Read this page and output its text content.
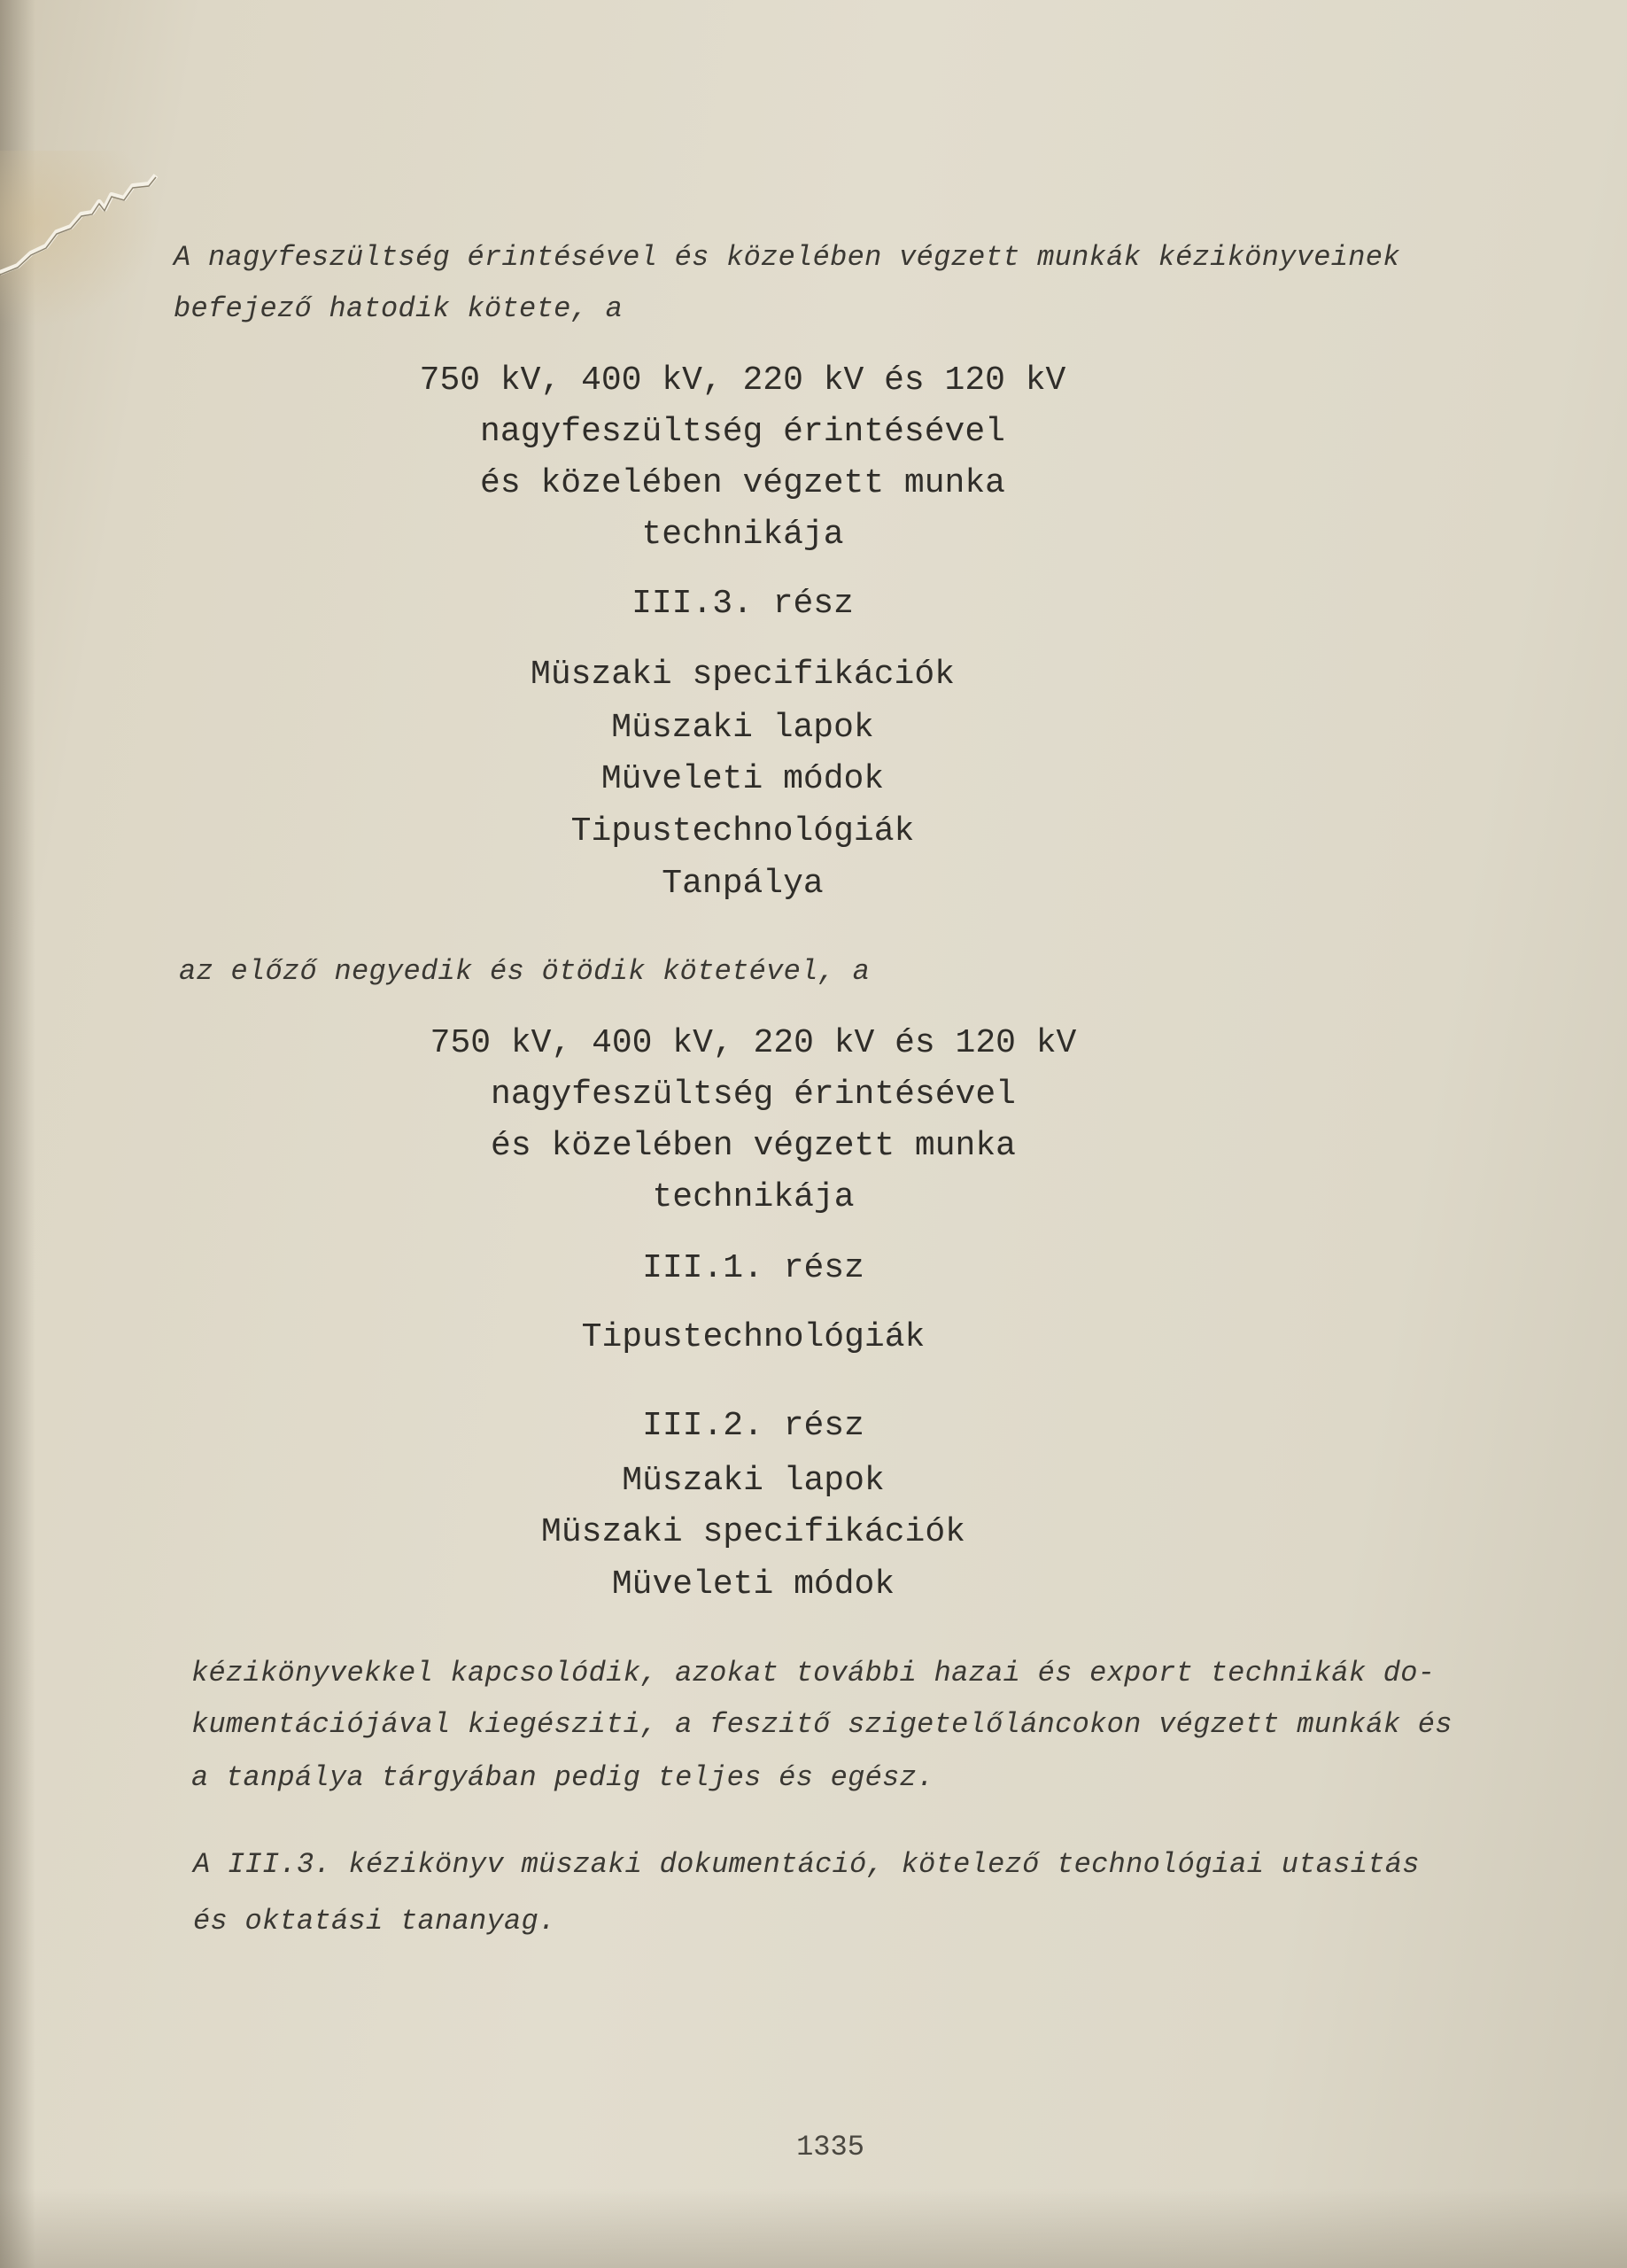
A nagyfeszültség érintésével és közelében végzett munkák kézikönyveinek

befejező hatodik kötete, a

750 kV, 400 kV, 220 kV és 120 kV

nagyfeszültség érintésével

és közelében végzett munka

technikája

III.3. rész

Müszaki specifikációk

Müszaki lapok

Müveleti módok

Tipustechnológiák

Tanpálya

az előző negyedik és ötödik kötetével, a

750 kV, 400 kV, 220 kV és 120 kV

nagyfeszültség érintésével

és közelében végzett munka

technikája

III.1. rész

Tipustechnológiák

III.2. rész

Müszaki lapok

Müszaki specifikációk

Müveleti módok

kézikönyvekkel kapcsolódik, azokat további hazai és export technikák do-

kumentációjával kiegésziti, a feszitő szigetelőláncokon végzett munkák és

a tanpálya tárgyában pedig teljes és egész.

A III.3. kézikönyv müszaki dokumentáció, kötelező technológiai utasitás

és oktatási tananyag.

1335
